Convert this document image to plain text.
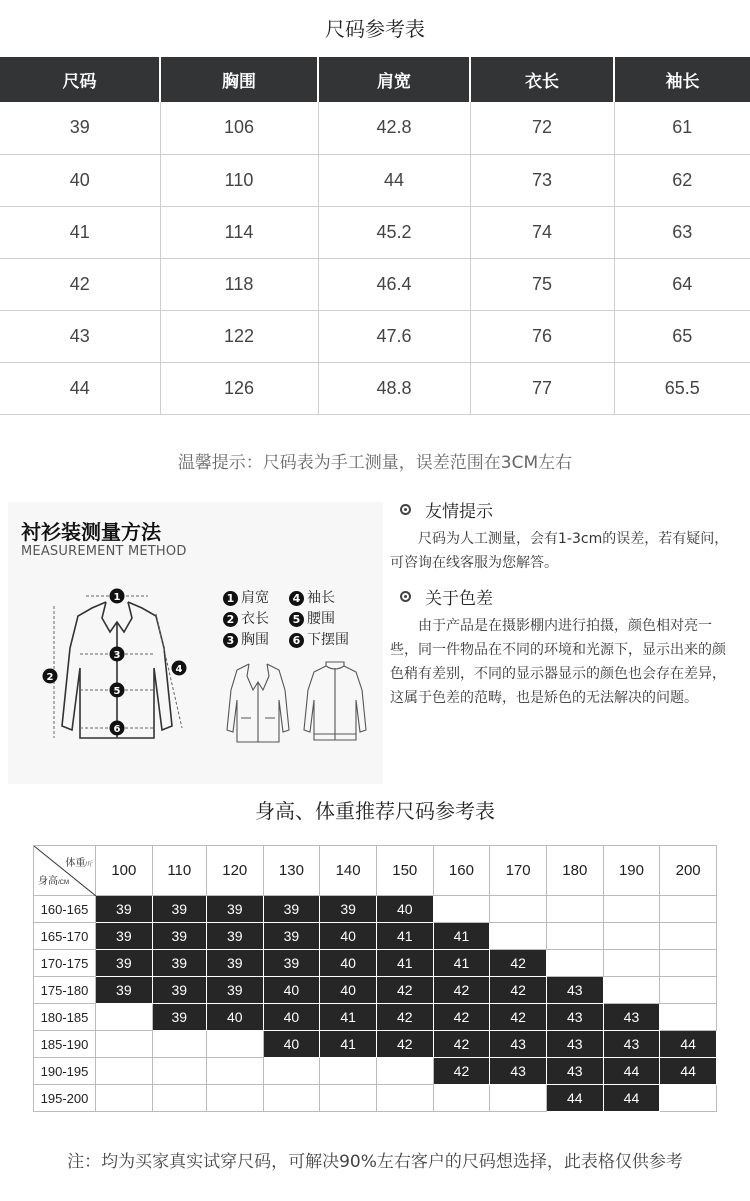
尺码参考表
尺码	胸围	肩宽	衣长	袖长
39	106	42.8	72	61
40	110	44	73	62
41	114	45.2	74	63
42	118	46.4	75	64
43	122	47.6	76	65
44	126	48.8	77	65.5
温馨提示：尺码表为手工测量，误差范围在3CM左右
衬衫装测量方法
MEASUREMENT METHOD
1
2
3
4
5
6
1 肩宽	4 袖长
2 衣长	5 腰围
3 胸围	6 下摆围
友情提示
尺码为人工测量，会有1-3cm的误差，若有疑问，可咨询在线客服为您解答。
关于色差
由于产品是在摄影棚内进行拍摄，颜色相对亮一些，同一件物品在不同的环境和光源下，显示出来的颜色稍有差别，不同的显示器显示的颜色也会存在差异，这属于色差的范畴，也是矫色的无法解决的问题。
身高、体重推荐尺码参考表
体重/斤
身高/CM	100	110	120	130	140	150	160	170	180	190	200
160-165	39	39	39	39	39	40					
165-170	39	39	39	39	40	41	41				
170-175	39	39	39	39	40	41	41	42			
175-180	39	39	39	40	40	42	42	42	43		
180-185		39	40	40	41	42	42	42	43	43	
185-190				40	41	42	42	43	43	43	44
190-195							42	43	43	44	44
195-200									44	44	
注：均为买家真实试穿尺码，可解决90%左右客户的尺码想选择，此表格仅供参考
